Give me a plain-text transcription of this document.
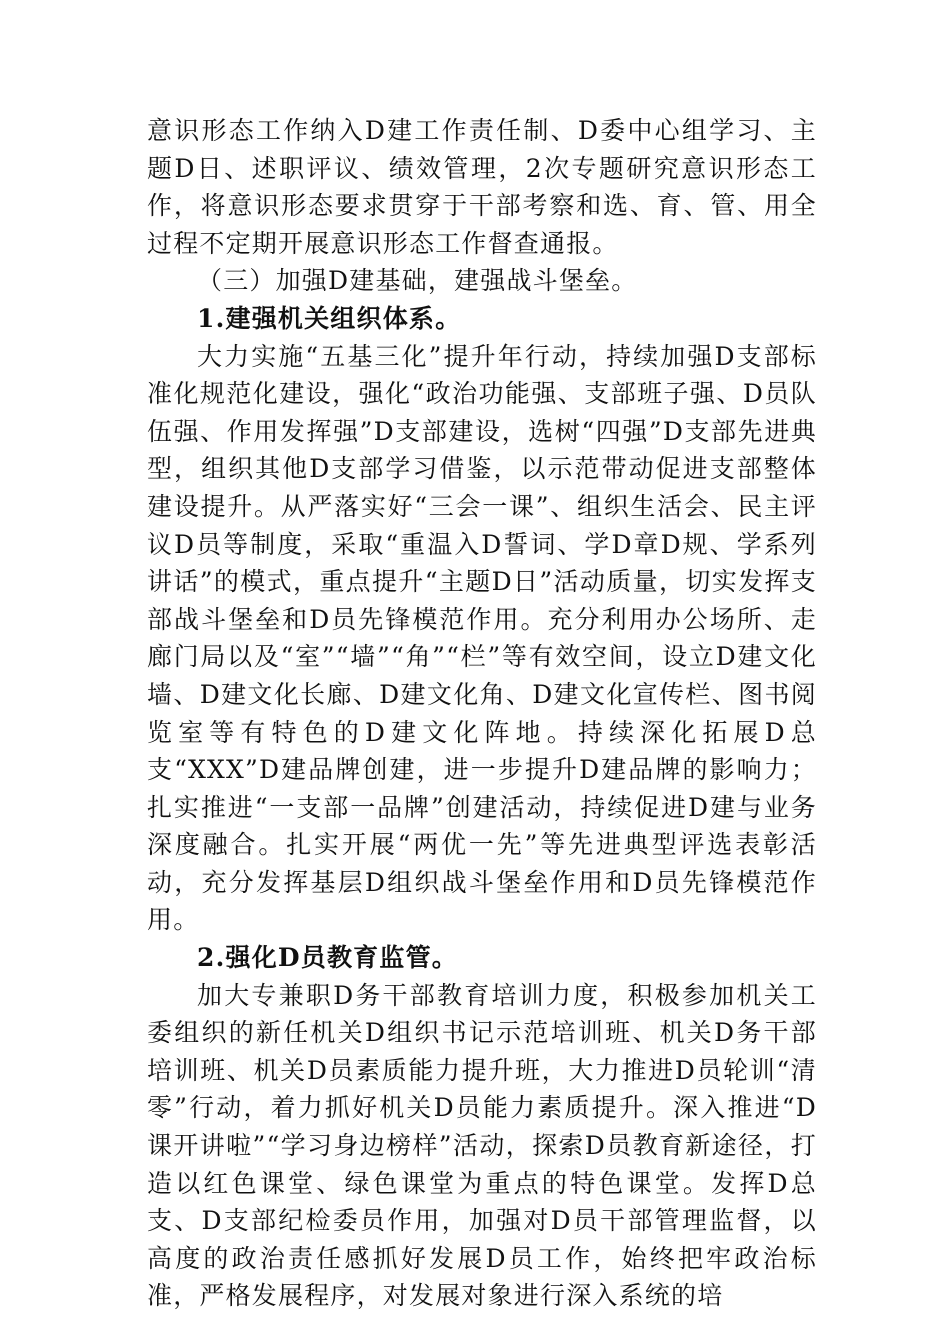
意识形态工作纳入D建工作责任制、D委中心组学习、主题D日、述职评议、绩效管理，2次专题研究意识形态工作，将意识形态要求贯穿于干部考察和选、育、管、用全过程不定期开展意识形态工作督查通报。

（三）加强D建基础，建强战斗堡垒。

1.建强机关组织体系。

大力实施“五基三化”提升年行动，持续加强D支部标准化规范化建设，强化“政治功能强、支部班子强、D员队伍强、作用发挥强”D支部建设，选树“四强”D支部先进典型，组织其他D支部学习借鉴，以示范带动促进支部整体建设提升。从严落实好“三会一课”、组织生活会、民主评议D员等制度，采取“重温入D誓词、学D章D规、学系列讲话”的模式，重点提升“主题D日”活动质量，切实发挥支部战斗堡垒和D员先锋模范作用。充分利用办公场所、走廊门局以及“室”“墙”“角”“栏”等有效空间，设立D建文化墙、D建文化长廊、D建文化角、D建文化宣传栏、图书阅览室等有特色的D建文化阵地。持续深化拓展D总支“XXX”D建品牌创建，进一步提升D建品牌的影响力；扎实推进“一支部一品牌”创建活动，持续促进D建与业务深度融合。扎实开展“两优一先”等先进典型评选表彰活动，充分发挥基层D组织战斗堡垒作用和D员先锋模范作用。

2.强化D员教育监管。

加大专兼职D务干部教育培训力度，积极参加机关工委组织的新任机关D组织书记示范培训班、机关D务干部培训班、机关D员素质能力提升班，大力推进D员轮训“清零”行动，着力抓好机关D员能力素质提升。深入推进“D课开讲啦”“学习身边榜样”活动，探索D员教育新途径，打造以红色课堂、绿色课堂为重点的特色课堂。发挥D总支、D支部纪检委员作用，加强对D员干部管理监督，以高度的政治责任感抓好发展D员工作，始终把牢政治标准，严格发展程序，对发展对象进行深入系统的培
